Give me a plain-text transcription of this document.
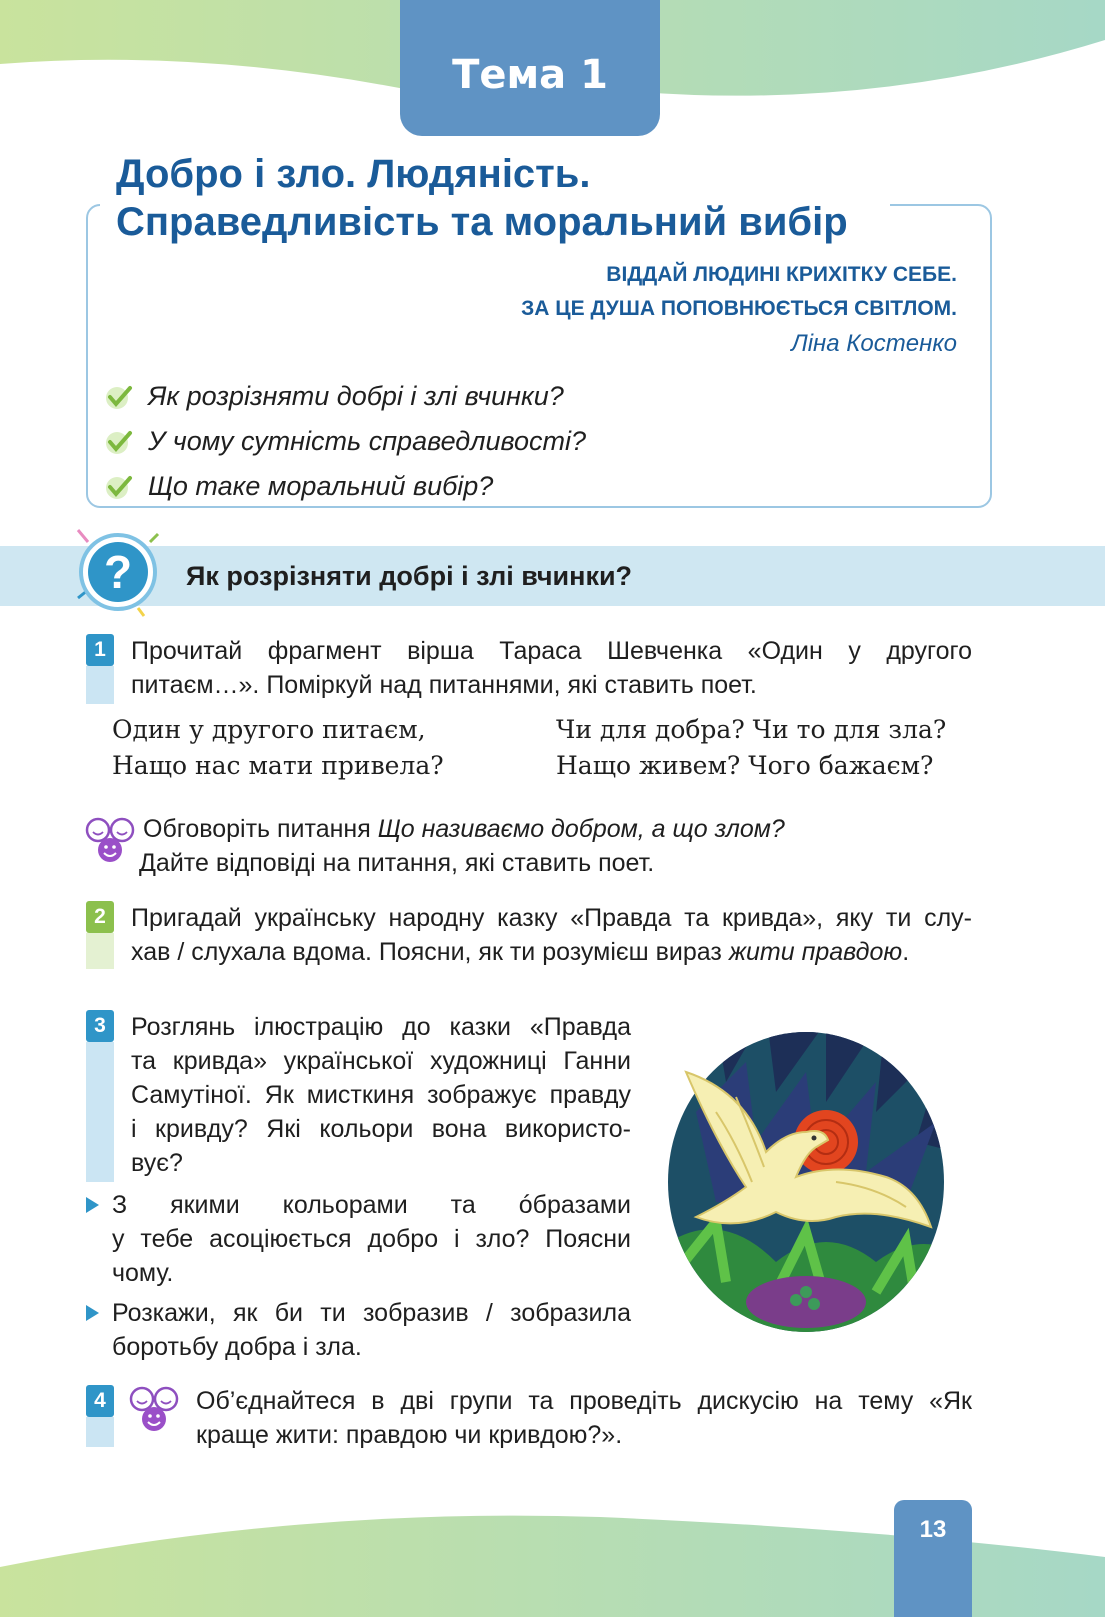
Тема 1
Добро і зло. Людяність.
Справедливість та моральний вибір
ВІДДАЙ ЛЮДИНІ КРИХІТКУ СЕБЕ.
ЗА ЦЕ ДУША ПОПОВНЮЄТЬСЯ СВІТЛОМ.
Ліна Костенко
Як розрізняти добрі і злі вчинки?
У чому сутність справедливості?
Що таке моральний вибір?
? Як розрізняти добрі і злі вчинки?
1	Прочитай фрагмент вірша Тараса Шевченка «Один у другого
питаєм…». Поміркуй над питаннями, які ставить поет.
Один у другого питаєм,
Нащо нас мати привела?
Чи для добра? Чи то для зла?
Нащо живем? Чого бажаєм?
Обговоріть питання Що називаємо добром, а що злом?
Дайте відповіді на питання, які ставить поет.
2	Пригадай українську народну казку «Правда та кривда», яку ти слу-
хав / слухала вдома. Поясни, як ти розумієш вираз жити правдою.
3	Розглянь ілюстрацію до казки «Правда
та кривда» української художниці Ганни
Самутіної. Як мисткиня зображує правду
і кривду? Які кольори вона використо-
вує?
З якими кольорами та óбразами
у тебе асоціюється добро і зло? Поясни
чому.
Розкажи, як би ти зобразив / зобразила
боротьбу добра і зла.
4	Об’єднайтеся в дві групи та проведіть дискусію на тему «Як
краще жити: правдою чи кривдою?».
13
